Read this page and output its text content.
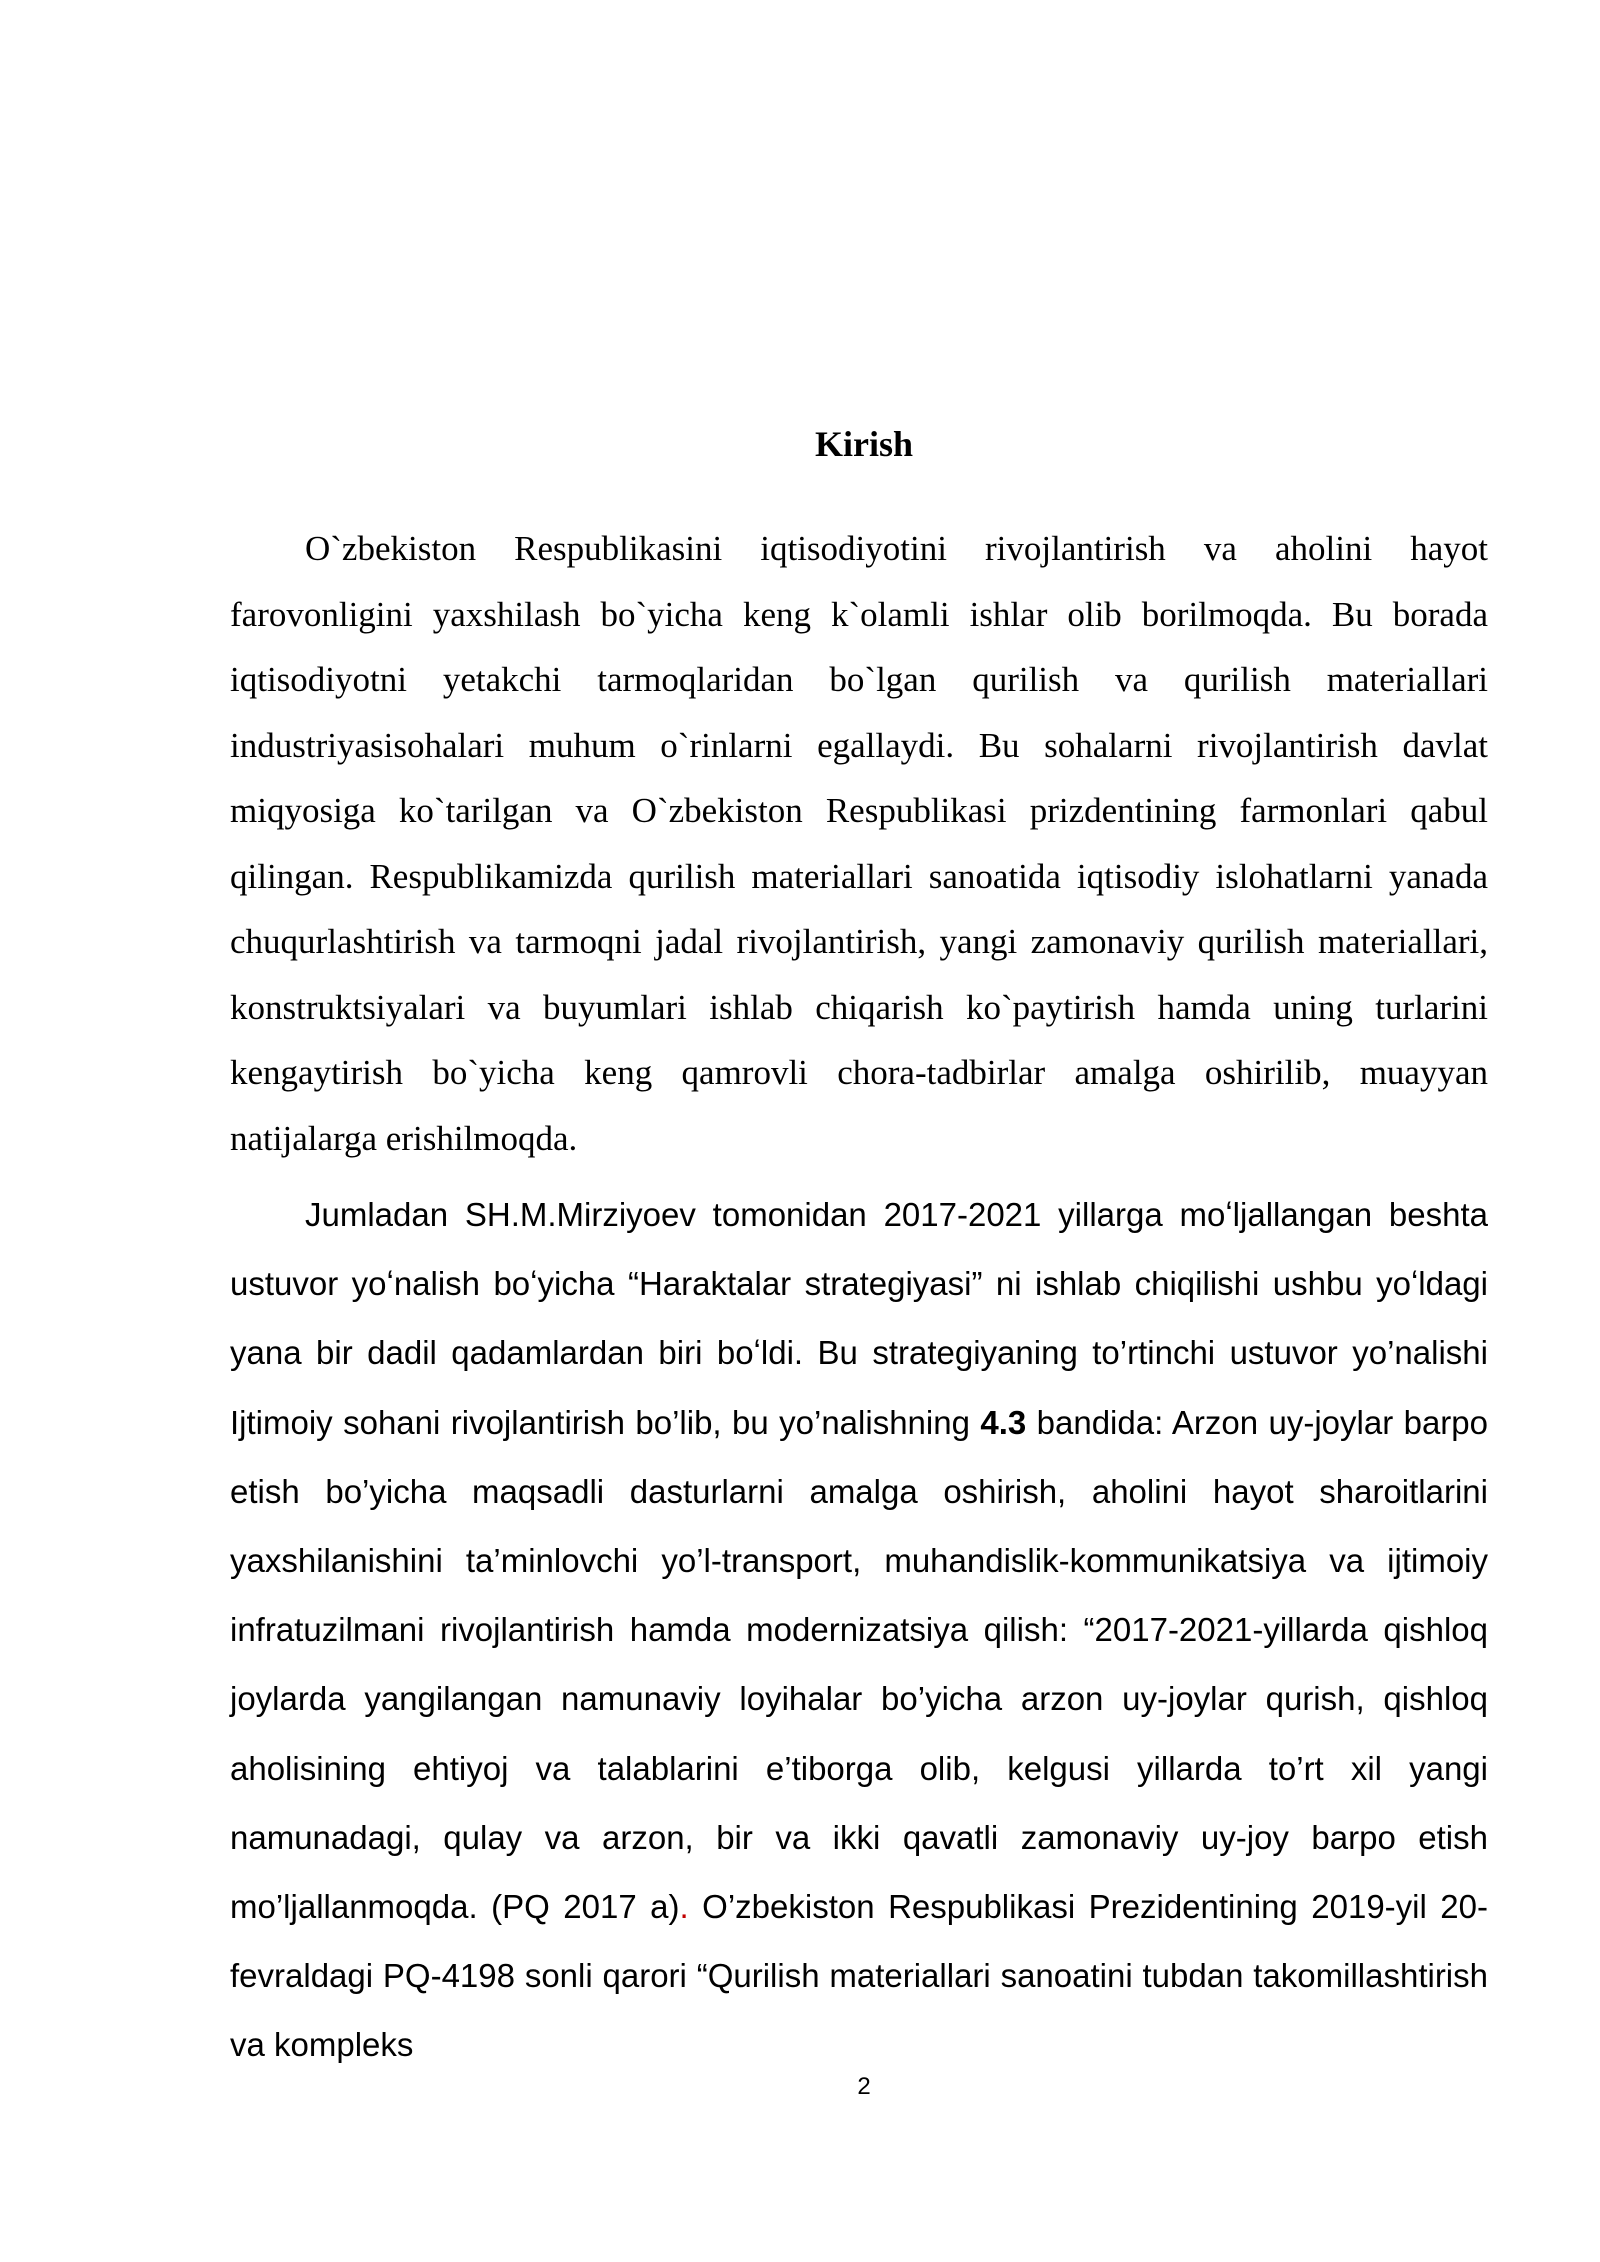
Kirish

O`zbekiston Respublikasini iqtisodiyotini rivojlantirish va aholini hayot farovonligini yaxshilash bo`yicha keng k`olamli ishlar olib borilmoqda. Bu borada iqtisodiyotni yetakchi tarmoqlaridan bo`lgan qurilish va qurilish materiallari industriyasisohalari muhum o`rinlarni egallaydi. Bu sohalarni rivojlantirish davlat miqyosiga ko`tarilgan va O`zbekiston Respublikasi prizdentining farmonlari qabul qilingan. Respublikamizda qurilish materiallari sanoatida iqtisodiy islohatlarni yanada chuqurlashtirish va tarmoqni jadal rivojlantirish, yangi zamonaviy qurilish materiallari, konstruktsiyalari va buyumlari ishlab chiqarish ko`paytirish hamda uning turlarini kengaytirish bo`yicha keng qamrovli chora-tadbirlar amalga oshirilib, muayyan natijalarga erishilmoqda.

Jumladan SH.M.Mirziyoev tomonidan 2017-2021 yillarga moʻljallangan beshta ustuvor yoʻnalish boʻyicha “Haraktalar strategiyasi” ni ishlab chiqilishi ushbu yoʻldagi yana bir dadil qadamlardan biri boʻldi. Bu strategiyaning to’rtinchi ustuvor yo’nalishi Ijtimoiy sohani rivojlantirish bo’lib, bu yo’nalishning 4.3 bandida: Arzon uy-joylar barpo etish bo’yicha maqsadli dasturlarni amalga oshirish, aholini hayot sharoitlarini yaxshilanishini ta’minlovchi yo’l-transport, muhandislik-kommunikatsiya va ijtimoiy infratuzilmani rivojlantirish hamda modernizatsiya qilish: “2017-2021-yillarda qishloq joylarda yangilangan namunaviy loyihalar bo’yicha arzon uy-joylar qurish, qishloq aholisining ehtiyoj va talablarini e’tiborga olib, kelgusi yillarda to’rt xil yangi namunadagi, qulay va arzon, bir va ikki qavatli zamonaviy uy-joy barpo etish mo’ljallanmoqda. (PQ 2017 a). O’zbekiston Respublikasi Prezidentining 2019-yil 20-fevraldagi PQ-4198 sonli qarori “Qurilish materiallari sanoatini tubdan takomillashtirish va kompleks

2
